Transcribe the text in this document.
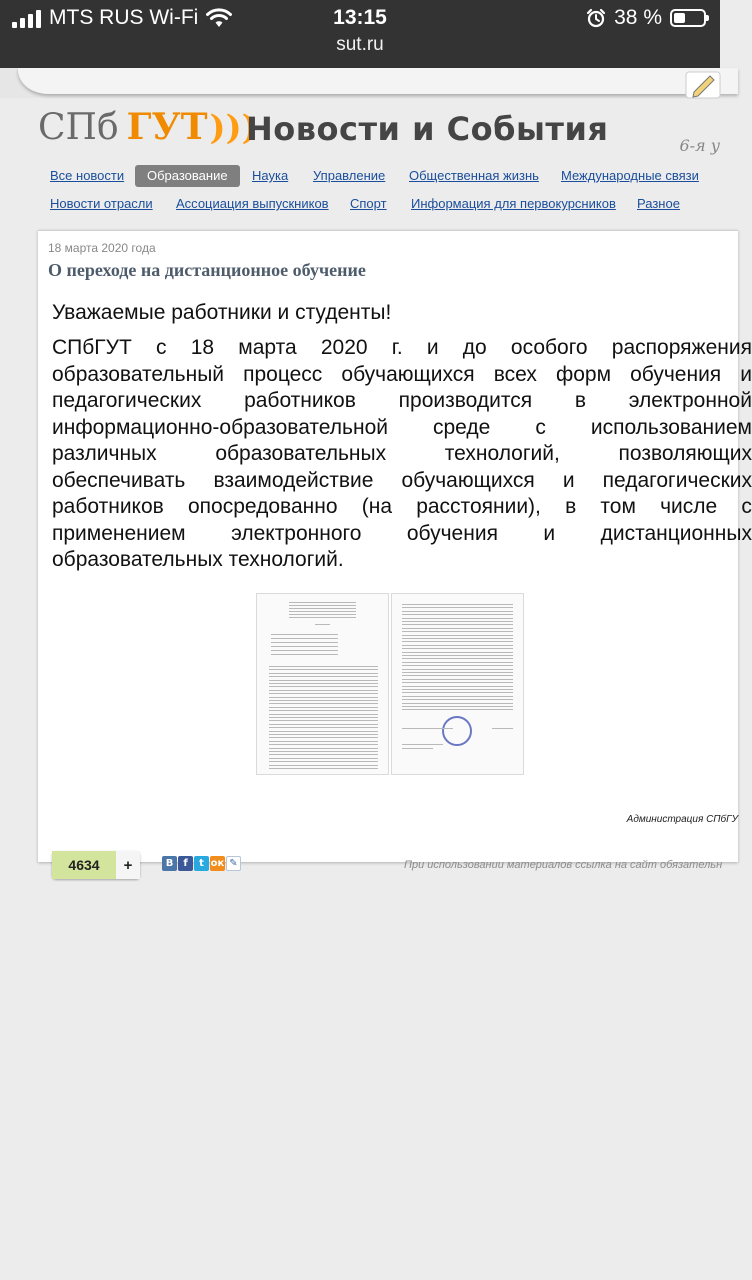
MTS RUS Wi-Fi	13:15
sut.ru
38 %
СПб ГУТ )))
Новости и События	6-я у
Все новости	Образование	Наука Управление Общественная жизнь Международные связи
Новости отрасли Ассоциация выпускников Спорт Информация для первокурсников Разное
18 марта 2020 года
О переходе на дистанционное обучение
Уважаемые работники и студенты!
СПбГУТ с 18 марта 2020 г. и до особого распоряжения
образовательный процесс обучающихся всех форм обучения и
педагогических работников производится в электронной
информационно-образовательной среде с использованием
различных	образовательных	технологий,	позволяющих
обеспечивать взаимодействие обучающихся и педагогических
работников опосредованно (на расстоянии), в том числе с
применением электронного обучения и дистанционных
образовательных технологий.
Администрация СПбГУ
4634	+	В	f	t ок ✎	При использовании материалов ссылка на сайт обязательн
